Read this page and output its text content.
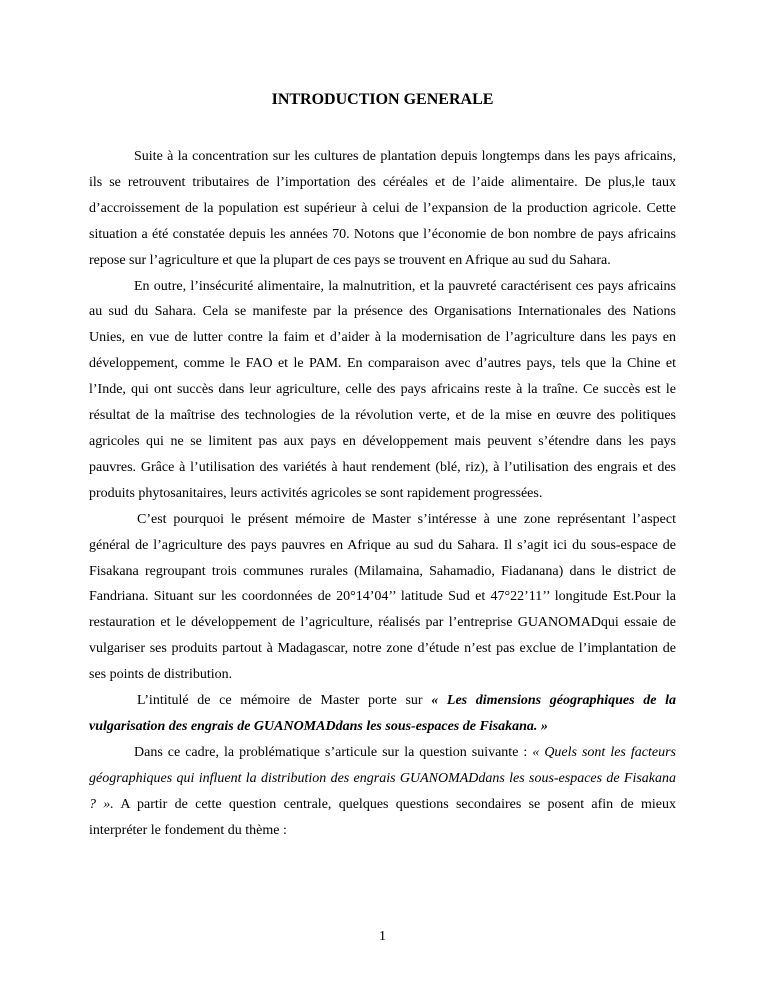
INTRODUCTION GENERALE

Suite à la concentration sur les cultures de plantation depuis longtemps dans les pays africains, ils se retrouvent tributaires de l’importation des céréales et de l’aide alimentaire. De plus,le taux d’accroissement de la population est supérieur à celui de l’expansion de la production agricole. Cette situation a été constatée depuis les années 70. Notons que l’économie de bon nombre de pays africains repose sur l’agriculture et que la plupart de ces pays se trouvent en Afrique au sud du Sahara.

En outre, l’insécurité alimentaire, la malnutrition, et la pauvreté caractérisent ces pays africains au sud du Sahara. Cela se manifeste par la présence des Organisations Internationales des Nations Unies, en vue de lutter contre la faim et d’aider à la modernisation de l’agriculture dans les pays en développement, comme le FAO et le PAM. En comparaison avec d’autres pays, tels que la Chine et l’Inde, qui ont succès dans leur agriculture, celle des pays africains reste à la traîne. Ce succès est le résultat de la maîtrise des technologies de la révolution verte, et de la mise en œuvre des politiques agricoles qui ne se limitent pas aux pays en développement mais peuvent s’étendre dans les pays pauvres. Grâce à l’utilisation des variétés à haut rendement (blé, riz), à l’utilisation des engrais et des produits phytosanitaires, leurs activités agricoles se sont rapidement progressées.

C’est pourquoi le présent mémoire de Master s’intéresse à une zone représentant l’aspect général de l’agriculture des pays pauvres en Afrique au sud du Sahara. Il s’agit ici du sous-espace de Fisakana regroupant trois communes rurales (Milamaina, Sahamadio, Fiadanana) dans le district de Fandriana. Situant sur les coordonnées de 20°14’04’’ latitude Sud et 47°22’11’’ longitude Est.Pour la restauration et le développement de l’agriculture, réalisés par l’entreprise GUANOMADqui essaie de vulgariser ses produits partout à Madagascar, notre zone d’étude n’est pas exclue de l’implantation de ses points de distribution.

L’intitulé de ce mémoire de Master porte sur « Les dimensions géographiques de la vulgarisation des engrais de GUANOMADdans les sous-espaces de Fisakana. »

Dans ce cadre, la problématique s’articule sur la question suivante : « Quels sont les facteurs géographiques qui influent la distribution des engrais GUANOMADdans les sous-espaces de Fisakana ? ». A partir de cette question centrale, quelques questions secondaires se posent afin de mieux interpréter le fondement du thème :

1
